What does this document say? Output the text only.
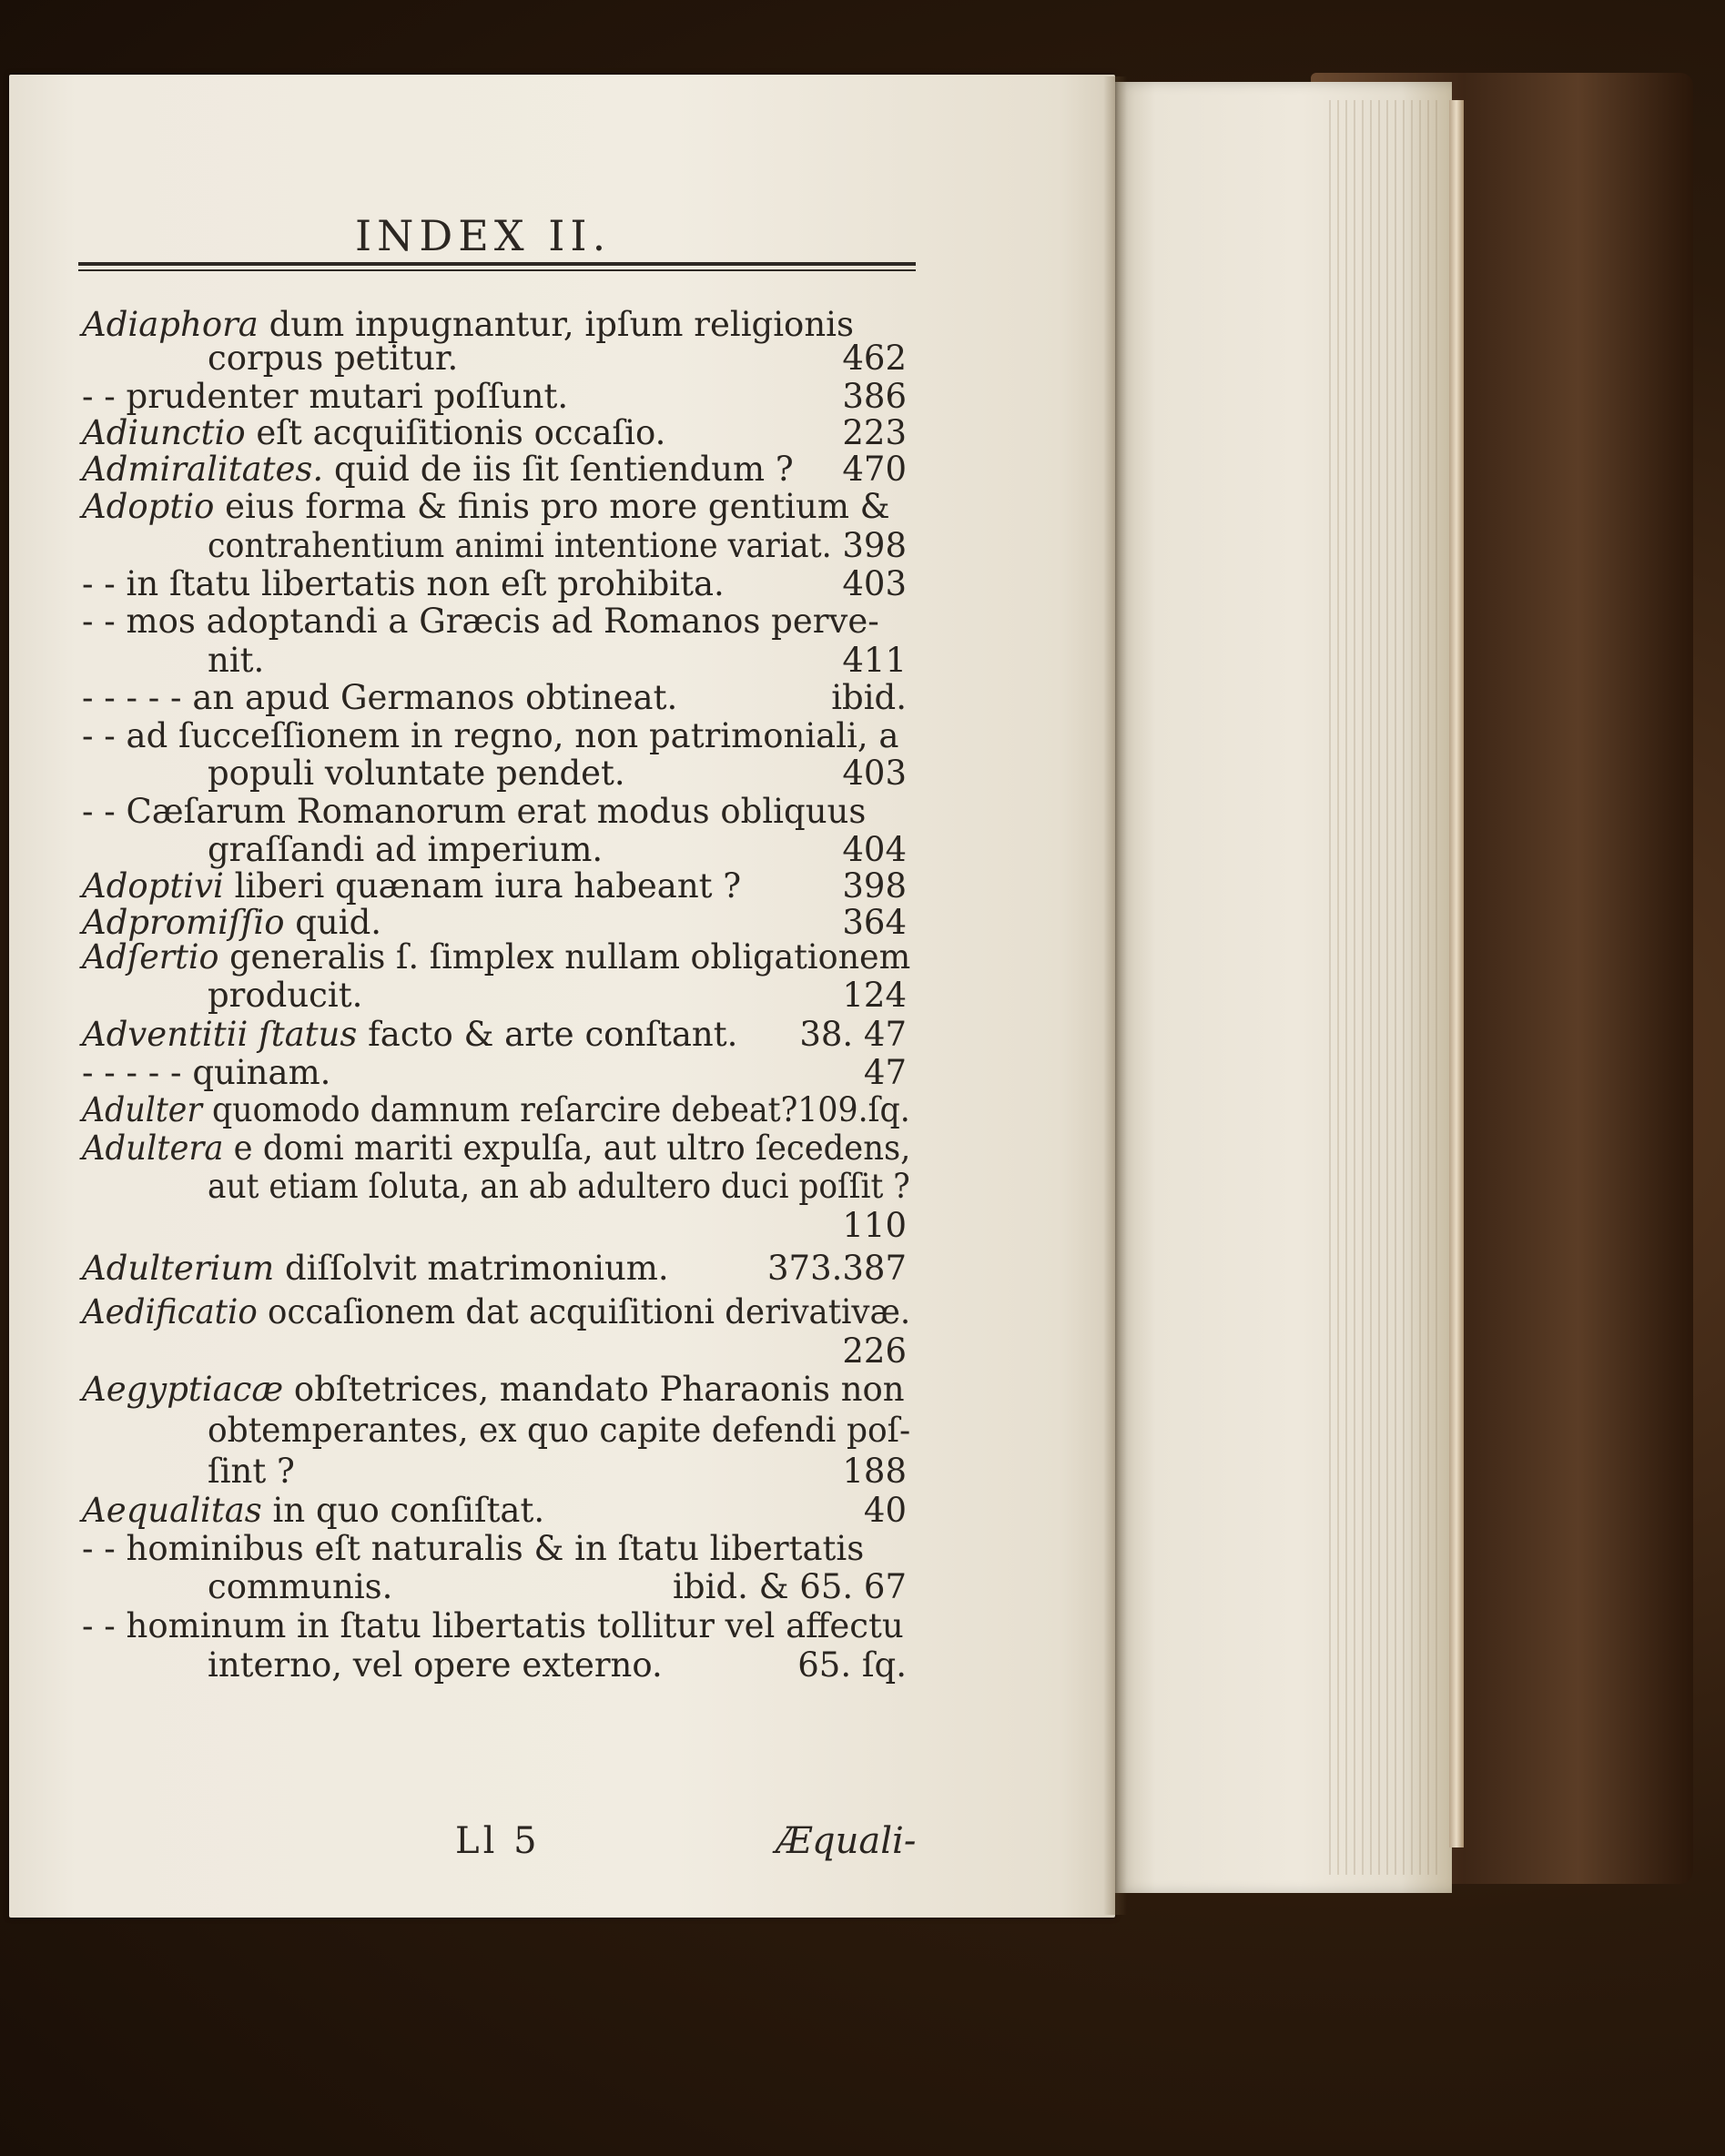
INDEX II.
Adiaphora dum inpugnantur, ipſum religionis
corpus petitur.	462
- - prudenter mutari poſſunt.	386
Adiunctio eſt acquiſitionis occaſio.	223
Admiralitates. quid de iis ſit ſentiendum ? 470
Adoptio eius forma & finis pro more gentium &
contrahentium animi intentione variat. 398
- - in ſtatu libertatis non eſt prohibita.	403
- - mos adoptandi a Græcis ad Romanos perve-
nit.	411
- - - - - an apud Germanos obtineat.	ibid.
- - ad ſucceſſionem in regno, non patrimoniali, a
populi voluntate pendet.	403
- - Cæſarum Romanorum erat modus obliquus
graſſandi ad imperium.	404
Adoptivi liberi quænam iura habeant ?	398
Adpromiſſio quid.	364
Adſertio generalis ſ. ſimplex nullam obligationem
producit.	124
Adventitii ſtatus facto & arte conſtant. 38. 47
- - - - - quinam.	47
Adulter quomodo damnum reſarcire debeat?109.ſq.
Adultera e domi mariti expulſa, aut ultro ſecedens,
aut etiam ſoluta, an ab adultero duci poſſit ?
110
Adulterium diſſolvit matrimonium.	373.387
Aedificatio occaſionem dat acquiſitioni derivativæ.
226
Aegyptiacæ obſtetrices, mandato Pharaonis non
obtemperantes, ex quo capite defendi poſ-
ſint ?	188
Aequalitas in quo conſiſtat.	40
- - hominibus eſt naturalis & in ſtatu libertatis
communis.	ibid. & 65. 67
- - hominum in ſtatu libertatis tollitur vel affectu
interno, vel opere externo.	65. ſq.
Ll 5	Æquali-
